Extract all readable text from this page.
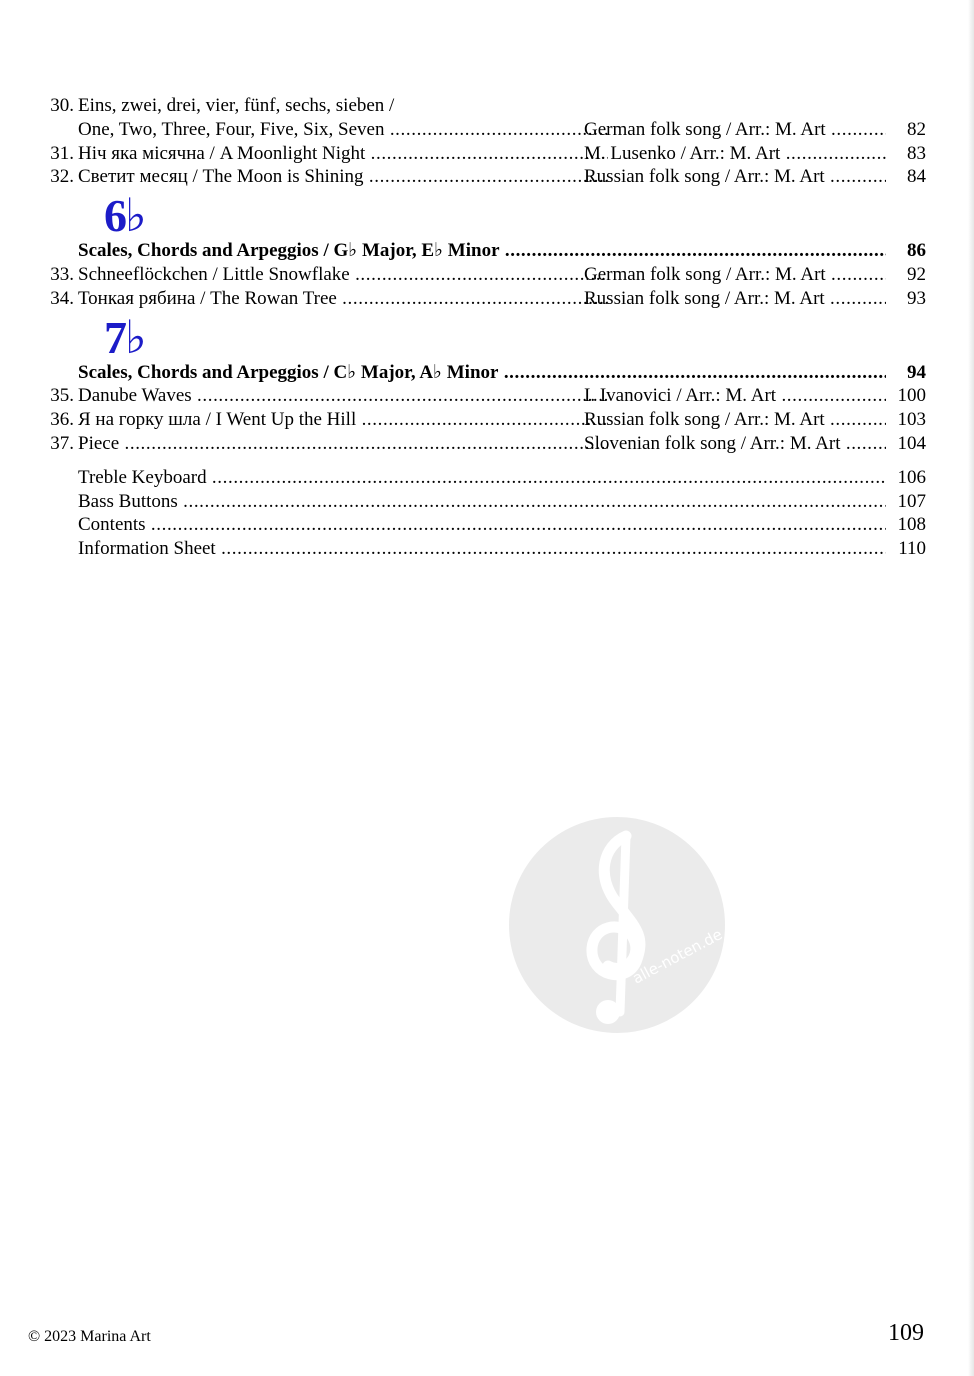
30. Eins, zwei, drei, vier, fünf, sechs, sieben /
One, Two, Three, Four, Five, Six, Seven .....	German folk song / Arr.: M. Art .....	82
31. Ніч яка місячна / A Moonlight Night .....	M. Lusenko / Arr.: M. Art .....	83
32. Светит месяц / The Moon is Shining .....	Russian folk song / Arr.: M. Art .....	84
6♭
Scales, Chords and Arpeggios / G♭ Major, E♭ Minor .....	86
33. Schneeflöckchen / Little Snowflake .....	German folk song / Arr.: M. Art .....	92
34. Тонкая рябина / The Rowan Tree .....	Russian folk song / Arr.: M. Art .....	93
7♭
Scales, Chords and Arpeggios / C♭ Major, A♭ Minor .....	94
35. Danube Waves .....	I. Ivanovici / Arr.: M. Art .....	100
36. Я на горку шла / I Went Up the Hill .....	Russian folk song / Arr.: M. Art .....	103
37. Piece .....	Slovenian folk song / Arr.: M. Art .....	104
Treble Keyboard .....	106
Bass Buttons .....	107
Contents .....	108
Information Sheet .....	110
alle-noten.de
© 2023 Marina Art	109
